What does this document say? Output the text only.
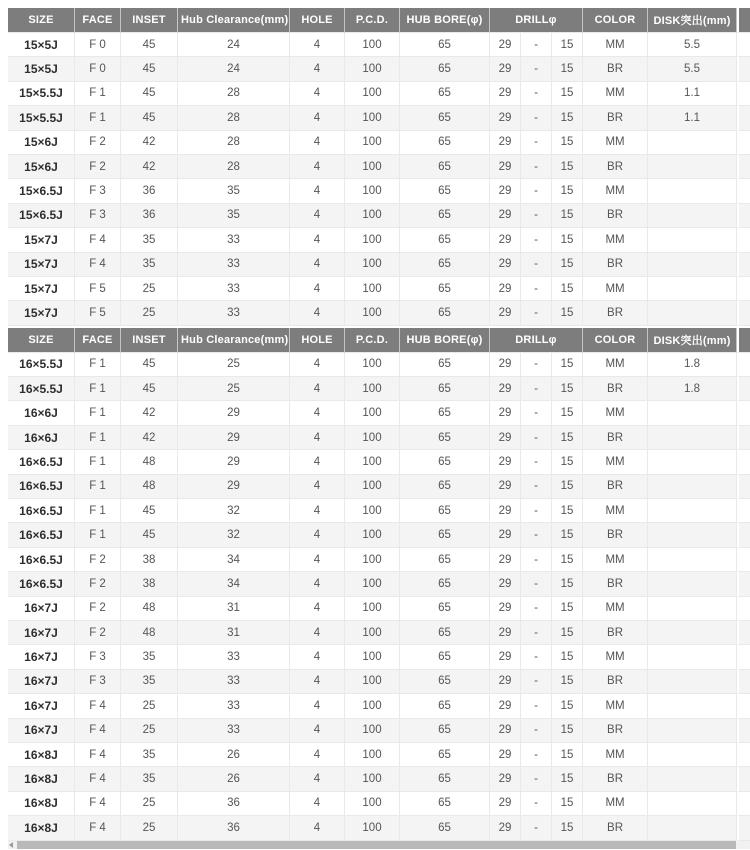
SIZE	FACE	INSET	Hub Clearance(mm)	HOLE	P.C.D.	HUB BORE(φ)	DRILLφ			COLOR	DISK突出(mm)	
15×5J	F 0	45	24	4	100	65	29	-	15	MM	5.5	
15×5J	F 0	45	24	4	100	65	29	-	15	BR	5.5	
15×5.5J	F 1	45	28	4	100	65	29	-	15	MM	1.1	
15×5.5J	F 1	45	28	4	100	65	29	-	15	BR	1.1	
15×6J	F 2	42	28	4	100	65	29	-	15	MM		
15×6J	F 2	42	28	4	100	65	29	-	15	BR		
15×6.5J	F 3	36	35	4	100	65	29	-	15	MM		
15×6.5J	F 3	36	35	4	100	65	29	-	15	BR		
15×7J	F 4	35	33	4	100	65	29	-	15	MM		
15×7J	F 4	35	33	4	100	65	29	-	15	BR		
15×7J	F 5	25	33	4	100	65	29	-	15	MM		
15×7J	F 5	25	33	4	100	65	29	-	15	BR		
SIZE	FACE	INSET	Hub Clearance(mm)	HOLE	P.C.D.	HUB BORE(φ)	DRILLφ			COLOR	DISK突出(mm)	
16×5.5J	F 1	45	25	4	100	65	29	-	15	MM	1.8	
16×5.5J	F 1	45	25	4	100	65	29	-	15	BR	1.8	
16×6J	F 1	42	29	4	100	65	29	-	15	MM		
16×6J	F 1	42	29	4	100	65	29	-	15	BR		
16×6.5J	F 1	48	29	4	100	65	29	-	15	MM		
16×6.5J	F 1	48	29	4	100	65	29	-	15	BR		
16×6.5J	F 1	45	32	4	100	65	29	-	15	MM		
16×6.5J	F 1	45	32	4	100	65	29	-	15	BR		
16×6.5J	F 2	38	34	4	100	65	29	-	15	MM		
16×6.5J	F 2	38	34	4	100	65	29	-	15	BR		
16×7J	F 2	48	31	4	100	65	29	-	15	MM		
16×7J	F 2	48	31	4	100	65	29	-	15	BR		
16×7J	F 3	35	33	4	100	65	29	-	15	MM		
16×7J	F 3	35	33	4	100	65	29	-	15	BR		
16×7J	F 4	25	33	4	100	65	29	-	15	MM		
16×7J	F 4	25	33	4	100	65	29	-	15	BR		
16×8J	F 4	35	26	4	100	65	29	-	15	MM		
16×8J	F 4	35	26	4	100	65	29	-	15	BR		
16×8J	F 4	25	36	4	100	65	29	-	15	MM		
16×8J	F 4	25	36	4	100	65	29	-	15	BR		
